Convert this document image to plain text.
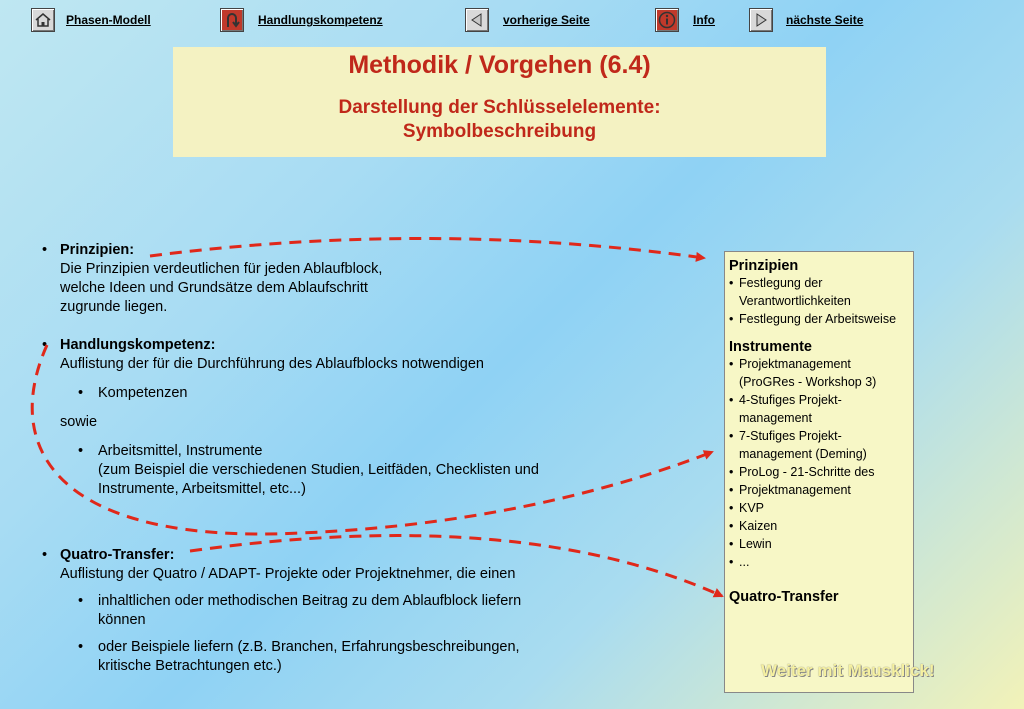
Phasen-Modell	Handlungskompetenz	vorherige Seite	Info	nächste Seite
Methodik / Vorgehen (6.4)
Darstellung der Schlüsselelemente:
Symbolbeschreibung
• Prinzipien:
Die Prinzipien verdeutlichen für jeden Ablaufblock,
welche Ideen und Grundsätze dem Ablaufschritt
zugrunde liegen.
• Handlungskompetenz:
Auflistung der für die Durchführung des Ablaufblocks notwendigen
• Kompetenzen
sowie
• Arbeitsmittel, Instrumente
(zum Beispiel die verschiedenen Studien, Leitfäden, Checklisten und
Instrumente, Arbeitsmittel, etc...)
• Quatro-Transfer:
Auflistung der Quatro / ADAPT- Projekte oder Projektnehmer, die einen
• inhaltlichen oder methodischen Beitrag zu dem Ablaufblock liefern
können
• oder Beispiele liefern (z.B. Branchen, Erfahrungsbeschreibungen,
kritische Betrachtungen etc.)
Prinzipien
• Festlegung der
Verantwortlichkeiten
• Festlegung der Arbeitsweise
Instrumente
• Projektmanagement
(ProGRes - Workshop 3)
• 4-Stufiges Projekt-
management
• 7-Stufiges Projekt-
management (Deming)
• ProLog - 21-Schritte des
• Projektmanagement
• KVP
• Kaizen
• Lewin
• ...
Quatro-Transfer
Weiter mit Mausklick!
